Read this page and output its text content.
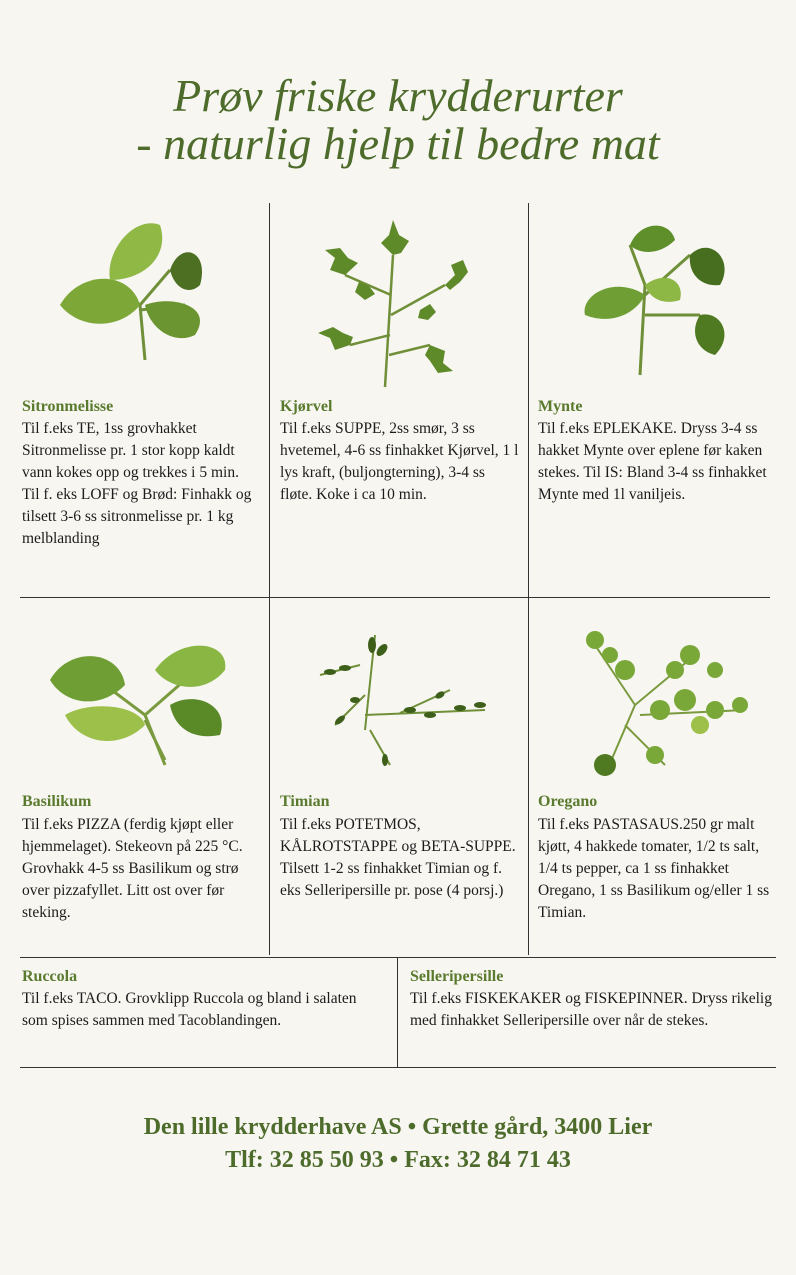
Prøv friske krydderurter
- naturlig hjelp til bedre mat

Sitronmelisse

Til f.eks TE, 1ss grovhakket Sitronmelisse pr. 1 stor kopp kaldt vann kokes opp og trekkes i 5 min. Til f. eks LOFF og Brød: Finhakk og tilsett 3-6 ss sitronmelisse pr. 1 kg melblanding

Kjørvel

Til f.eks SUPPE, 2ss smør, 3 ss hvetemel, 4-6 ss finhakket Kjørvel, 1 l lys kraft, (buljongterning), 3-4 ss fløte. Koke i ca 10 min.

Mynte

Til f.eks EPLEKAKE. Dryss 3-4 ss hakket Mynte over eplene før kaken stekes. Til IS: Bland 3-4 ss finhakket Mynte med 1l vaniljeis.

Basilikum

Til f.eks PIZZA (ferdig kjøpt eller hjemmelaget). Stekeovn på 225 °C. Grovhakk 4-5 ss Basilikum og strø over pizzafyllet. Litt ost over før steking.

Timian

Til f.eks POTETMOS, KÅLROTSTAPPE og BETA-SUPPE. Tilsett 1-2 ss finhakket Timian og f. eks Selleripersille pr. pose (4 porsj.)

Oregano

Til f.eks PASTASAUS.250 gr malt kjøtt, 4 hakkede tomater, 1/2 ts salt, 1/4 ts pepper, ca 1 ss finhakket Oregano, 1 ss Basilikum og/eller 1 ss Timian.

Ruccola

Til f.eks TACO. Grovklipp Ruccola og bland i salaten som spises sammen med Tacoblandingen.

Selleripersille

Til f.eks FISKEKAKER og FISKEPINNER. Dryss rikelig med finhakket Selleripersille over når de stekes.

Den lille krydderhave AS • Grette gård, 3400 Lier

Tlf: 32 85 50 93 • Fax: 32 84 71 43
